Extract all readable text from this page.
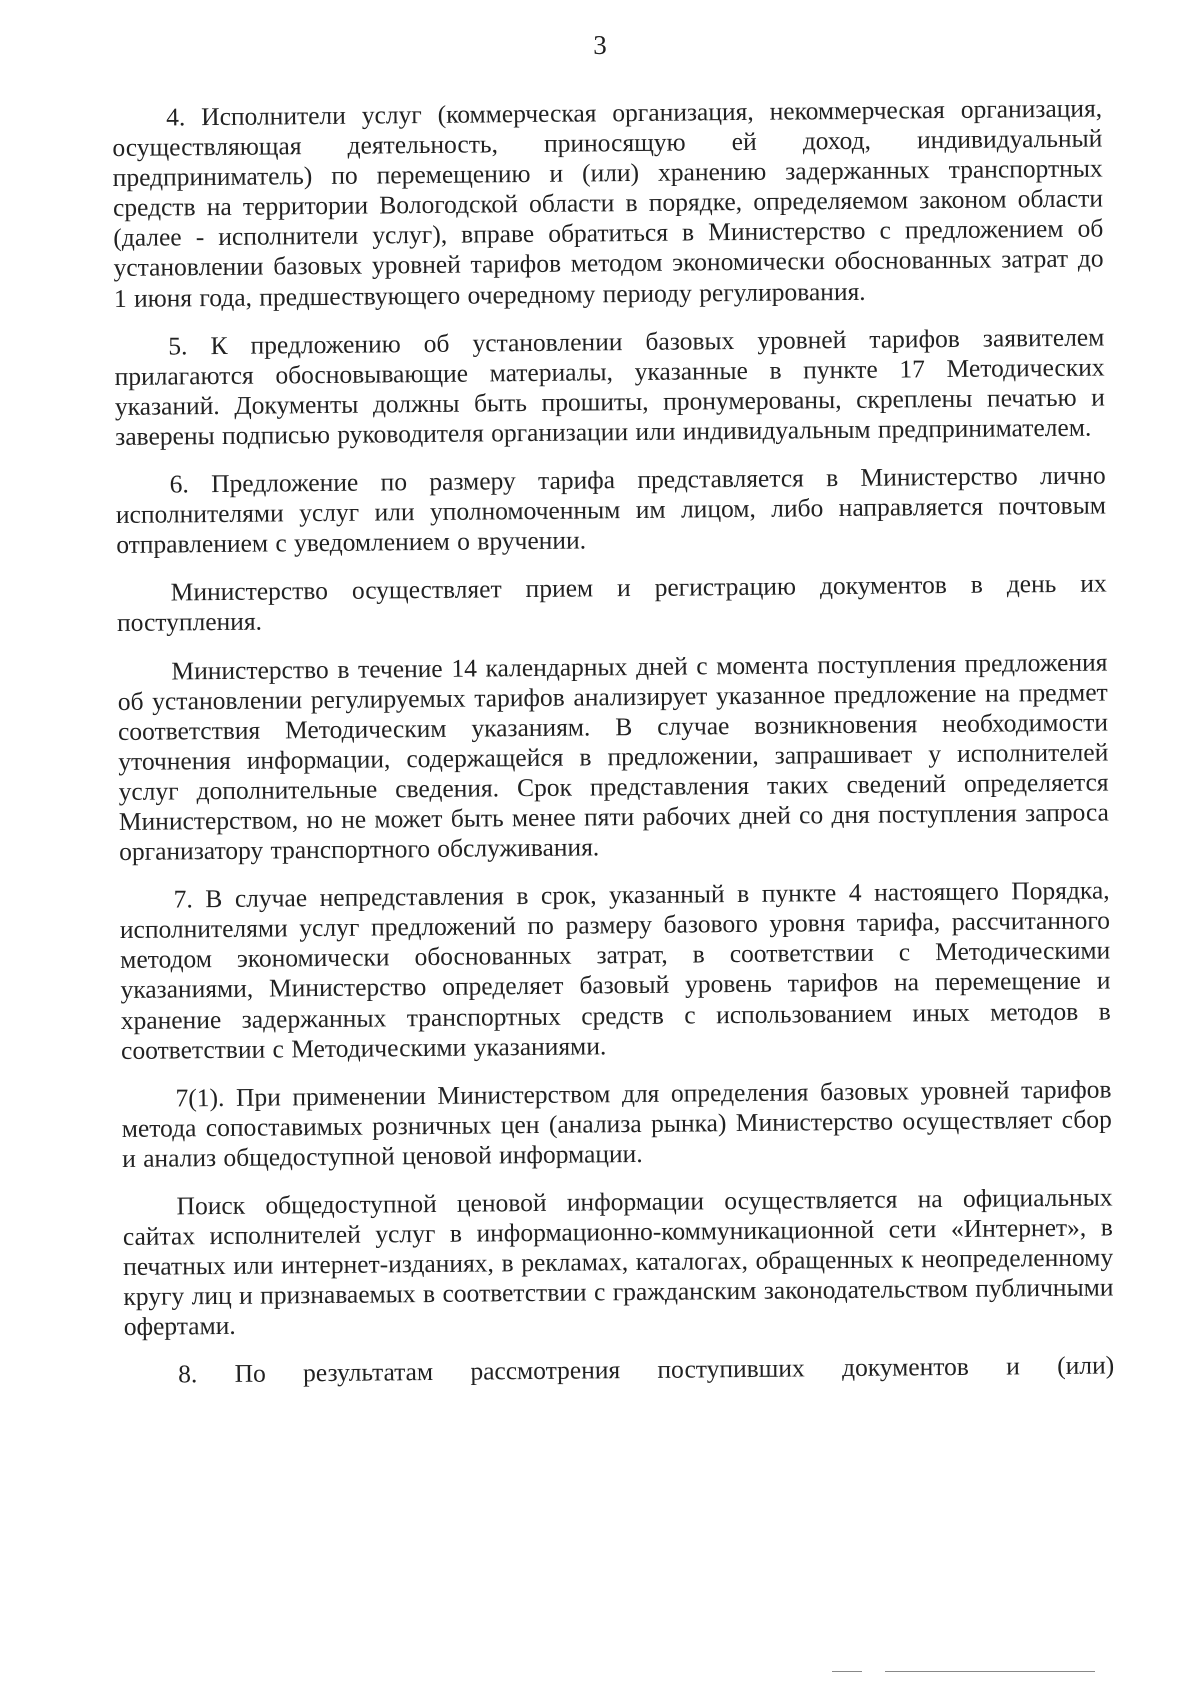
3

4. Исполнители услуг (коммерческая организация, некоммерческая организация, осуществляющая деятельность, приносящую ей доход, индивидуальный предприниматель) по перемещению и (или) хранению задержанных транспортных средств на территории Вологодской области в порядке, определяемом законом области (далее - исполнители услуг), вправе обратиться в Министерство с предложением об установлении базовых уровней тарифов методом экономически обоснованных затрат до 1 июня года, предшествующего очередному периоду регулирования.

5. К предложению об установлении базовых уровней тарифов заявителем прилагаются обосновывающие материалы, указанные в пункте 17 Методических указаний. Документы должны быть прошиты, пронумерованы, скреплены печатью и заверены подписью руководителя организации или индивидуальным предпринимателем.

6. Предложение по размеру тарифа представляется в Министерство лично исполнителями услуг или уполномоченным им лицом, либо направляется почтовым отправлением с уведомлением о вручении.

Министерство осуществляет прием и регистрацию документов в день их поступления.

Министерство в течение 14 календарных дней с момента поступления предложения об установлении регулируемых тарифов анализирует указанное предложение на предмет соответствия Методическим указаниям. В случае возникновения необходимости уточнения информации, содержащейся в предложении, запрашивает у исполнителей услуг дополнительные сведения. Срок представления таких сведений определяется Министерством, но не может быть менее пяти рабочих дней со дня поступления запроса организатору транспортного обслуживания.

7. В случае непредставления в срок, указанный в пункте 4 настоящего Порядка, исполнителями услуг предложений по размеру базового уровня тарифа, рассчитанного методом экономически обоснованных затрат, в соответствии с Методическими указаниями, Министерство определяет базовый уровень тарифов на перемещение и хранение задержанных транспортных средств с использованием иных методов в соответствии с Методическими указаниями.

7(1). При применении Министерством для определения базовых уровней тарифов метода сопоставимых розничных цен (анализа рынка) Министерство осуществляет сбор и анализ общедоступной ценовой информации.

Поиск общедоступной ценовой информации осуществляется на официальных сайтах исполнителей услуг в информационно-коммуникационной сети «Интернет», в печатных или интернет-изданиях, в рекламах, каталогах, обращенных к неопределенному кругу лиц и признаваемых в соответствии с гражданским законодательством публичными офертами.

8. По результатам рассмотрения поступивших документов и (или)
